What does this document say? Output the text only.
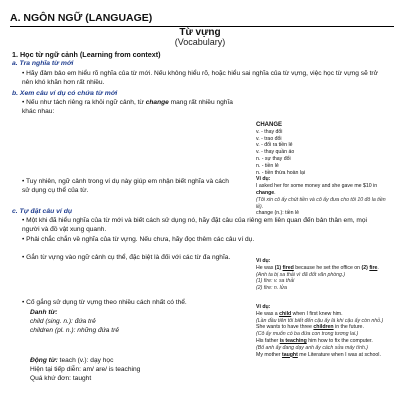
A. NGÔN NGỮ (LANGUAGE)
Từ vựng
(Vocabulary)
1. Học từ ngữ cảnh (Learning from context)
a. Tra nghĩa từ mới
• Hãy đảm bảo em hiểu rõ nghĩa của từ mới. Nếu không hiểu rõ, hoặc hiểu sai nghĩa của từ vựng, việc học từ vựng sẽ trở nên khó khăn hơn rất nhiều.
b. Xem câu ví dụ có chứa từ mới
• Nếu như tách riêng ra khỏi ngữ cảnh, từ change mang rất nhiều nghĩa khác nhau:
CHANGE
v. - thay đổi
v. - trao đổi
v. - đổi ra tiền lẻ
v. - thay quần áo
n. - sự thay đổi
n. - tiền lẻ
n. - tiền thừa hoàn lại
Ví dụ:
I asked her for some money and she gave me $10 in change.
(Tôi xin cô ấy chút tiền và cô ấy đưa cho tôi 10 đô la tiền lẻ).
change (n.): tiền lẻ
• Tuy nhiên, ngữ cảnh trong ví dụ này giúp em nhận biết nghĩa và cách sử dụng cụ thể của từ.
c. Tự đặt câu ví dụ
• Một khi đã hiểu nghĩa của từ mới và biết cách sử dụng nó, hãy đặt câu của riêng em liên quan đến bản thân em, mọi người và đồ vật xung quanh.
• Phải chắc chắn về nghĩa của từ vựng. Nếu chưa, hãy đọc thêm các câu ví dụ.
• Gắn từ vựng vào ngữ cảnh cụ thể, đặc biệt là đối với các từ đa nghĩa.	Ví dụ:
He was (1) fired because he set the office on (2) fire.
(Anh ta bị sa thải vì đã đốt văn phòng.)
(1) fire: v. sa thải
(2) fire: n. lửa
• Cố gắng sử dụng từ vựng theo nhiều cách nhất có thể.
Danh từ:
child (sing. n.): đứa trẻ
children (pl. n.): những đứa trẻ
Ví dụ:
He was a child when I first knew him.
(Lần đầu tiên tôi biết đến cậu ấy là khi cậu ấy còn nhỏ.)
She wants to have three children in the future.
(Cô ấy muốn có ba đứa con trong tương lai.)
His father is teaching him how to fix the computer.
(Bố anh ấy đang dạy anh ấy cách sửa máy tính.)
My mother taught me Literature when I was at school.
Động từ: teach (v.): dạy học
Hiện tại tiếp diễn: am/ are/ is teaching
Quá khứ đơn: taught
